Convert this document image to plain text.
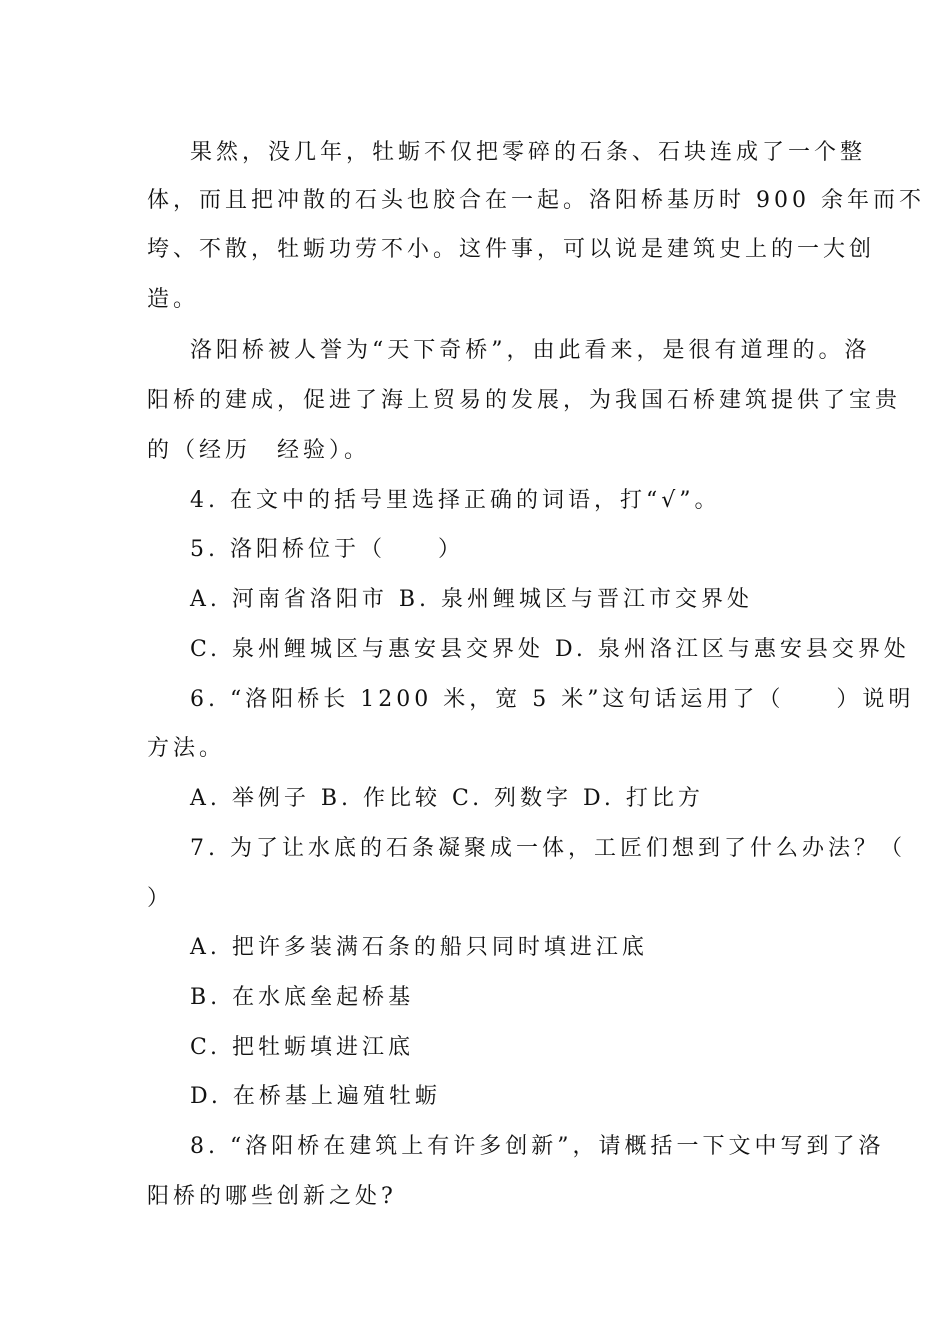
果然，没几年，牡蛎不仅把零碎的石条、石块连成了一个整
体，而且把冲散的石头也胶合在一起。洛阳桥基历时 900 余年而不
垮、不散，牡蛎功劳不小。这件事，可以说是建筑史上的一大创
造。
洛阳桥被人誉为“天下奇桥”，由此看来，是很有道理的。洛
阳桥的建成，促进了海上贸易的发展，为我国石桥建筑提供了宝贵
的（经历　经验）。
4. 在文中的括号里选择正确的词语，打“√”。
5. 洛阳桥位于（　　）
A. 河南省洛阳市 B. 泉州鲤城区与晋江市交界处
C. 泉州鲤城区与惠安县交界处 D. 泉州洛江区与惠安县交界处
6. “洛阳桥长 1200 米，宽 5 米”这句话运用了（　　）说明
方法。
A. 举例子 B. 作比较 C. 列数字 D. 打比方
7. 为了让水底的石条凝聚成一体，工匠们想到了什么办法？（
）
A. 把许多装满石条的船只同时填进江底
B. 在水底垒起桥基
C. 把牡蛎填进江底
D. 在桥基上遍殖牡蛎
8. “洛阳桥在建筑上有许多创新”，请概括一下文中写到了洛
阳桥的哪些创新之处?
